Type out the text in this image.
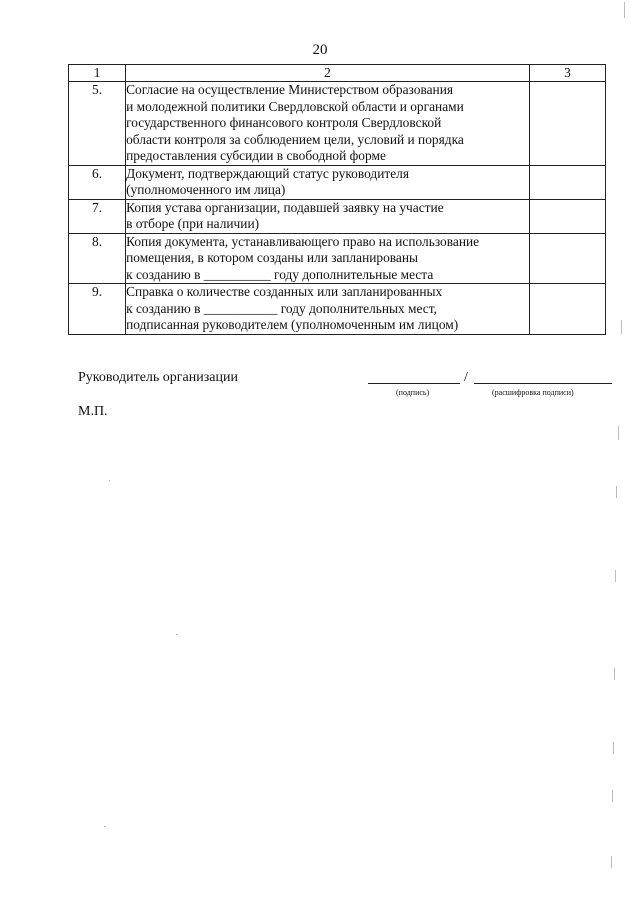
20
1	2	3
5.	Согласие на осуществление Министерством образования
и молодежной политики Свердловской области и органами
государственного финансового контроля Свердловской
области контроля за соблюдением цели, условий и порядка
предоставления субсидии в свободной форме	

6.	Документ, подтверждающий статус руководителя
(уполномоченного им лица)	

7.	Копия устава организации, подавшей заявку на участие
в отборе (при наличии)	

8.	Копия документа, устанавливающего право на использование
помещения, в котором созданы или запланированы
к созданию в __________ году дополнительные места	

9.	Справка о количестве созданных или запланированных
к созданию в ___________ году дополнительных мест,
подписанная руководителем (уполномоченным им лицом)	

Руководитель организации	/
(подпись)	(расшифровка подписи)
М.П.
